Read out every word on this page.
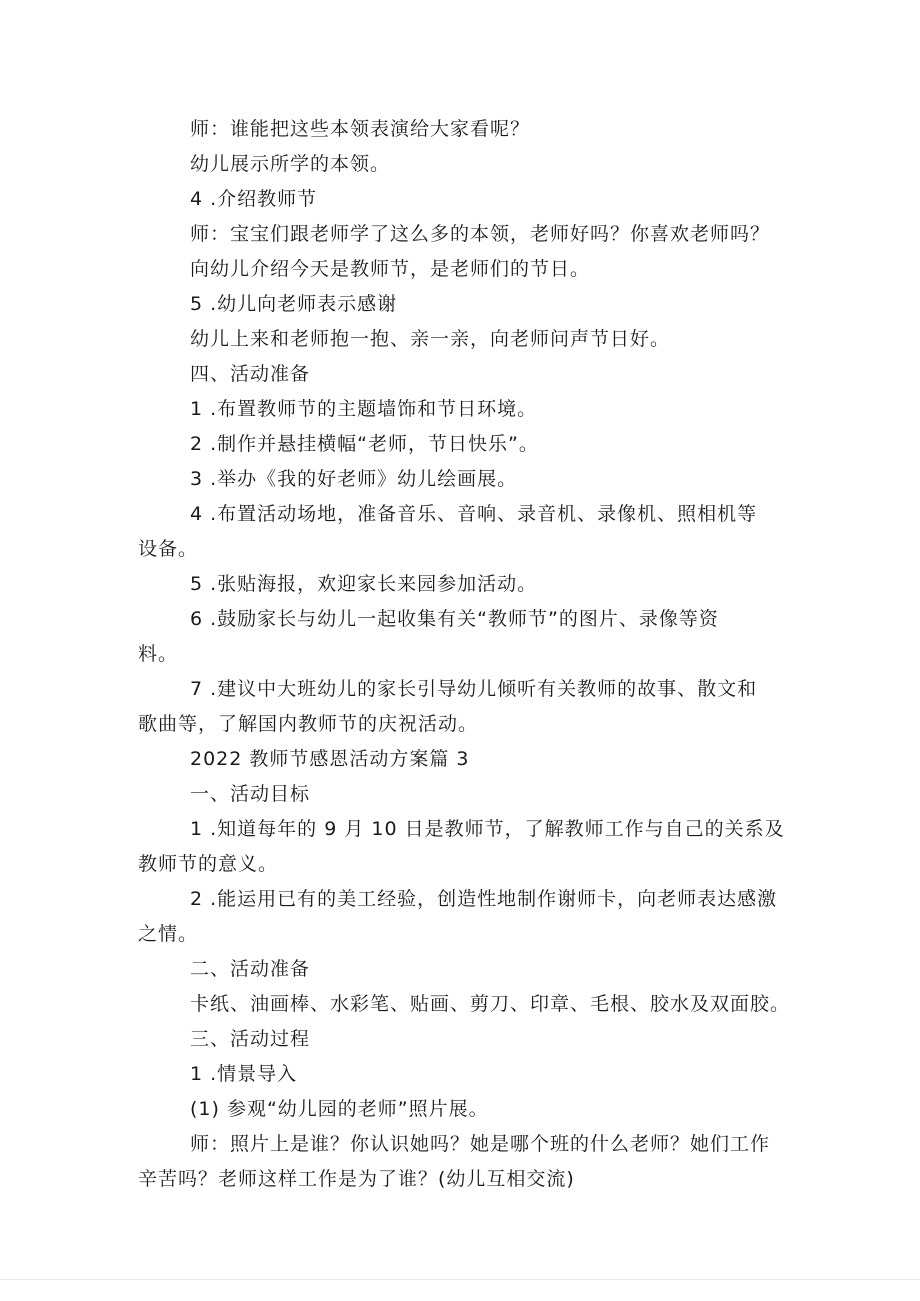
师：谁能把这些本领表演给大家看呢？
幼儿展示所学的本领。
4 .介绍教师节
师：宝宝们跟老师学了这么多的本领，老师好吗？你喜欢老师吗？
向幼儿介绍今天是教师节，是老师们的节日。
5 .幼儿向老师表示感谢
幼儿上来和老师抱一抱、亲一亲，向老师问声节日好。
四、活动准备
1 .布置教师节的主题墙饰和节日环境。
2 .制作并悬挂横幅“老师，节日快乐”。
3 .举办《我的好老师》幼儿绘画展。
4 .布置活动场地，准备音乐、音响、录音机、录像机、照相机等
设备。
5 .张贴海报，欢迎家长来园参加活动。
6 .鼓励家长与幼儿一起收集有关“教师节”的图片、录像等资
料。
7 .建议中大班幼儿的家长引导幼儿倾听有关教师的故事、散文和
歌曲等，了解国内教师节的庆祝活动。
2022 教师节感恩活动方案篇 3
一、活动目标
1 .知道每年的 9 月 10 日是教师节，了解教师工作与自己的关系及
教师节的意义。
2 .能运用已有的美工经验，创造性地制作谢师卡，向老师表达感激
之情。
二、活动准备
卡纸、油画棒、水彩笔、贴画、剪刀、印章、毛根、胶水及双面胶。
三、活动过程
1 .情景导入
(1) 参观“幼儿园的老师”照片展。
师：照片上是谁？你认识她吗？她是哪个班的什么老师？她们工作
辛苦吗？老师这样工作是为了谁？(幼儿互相交流)
